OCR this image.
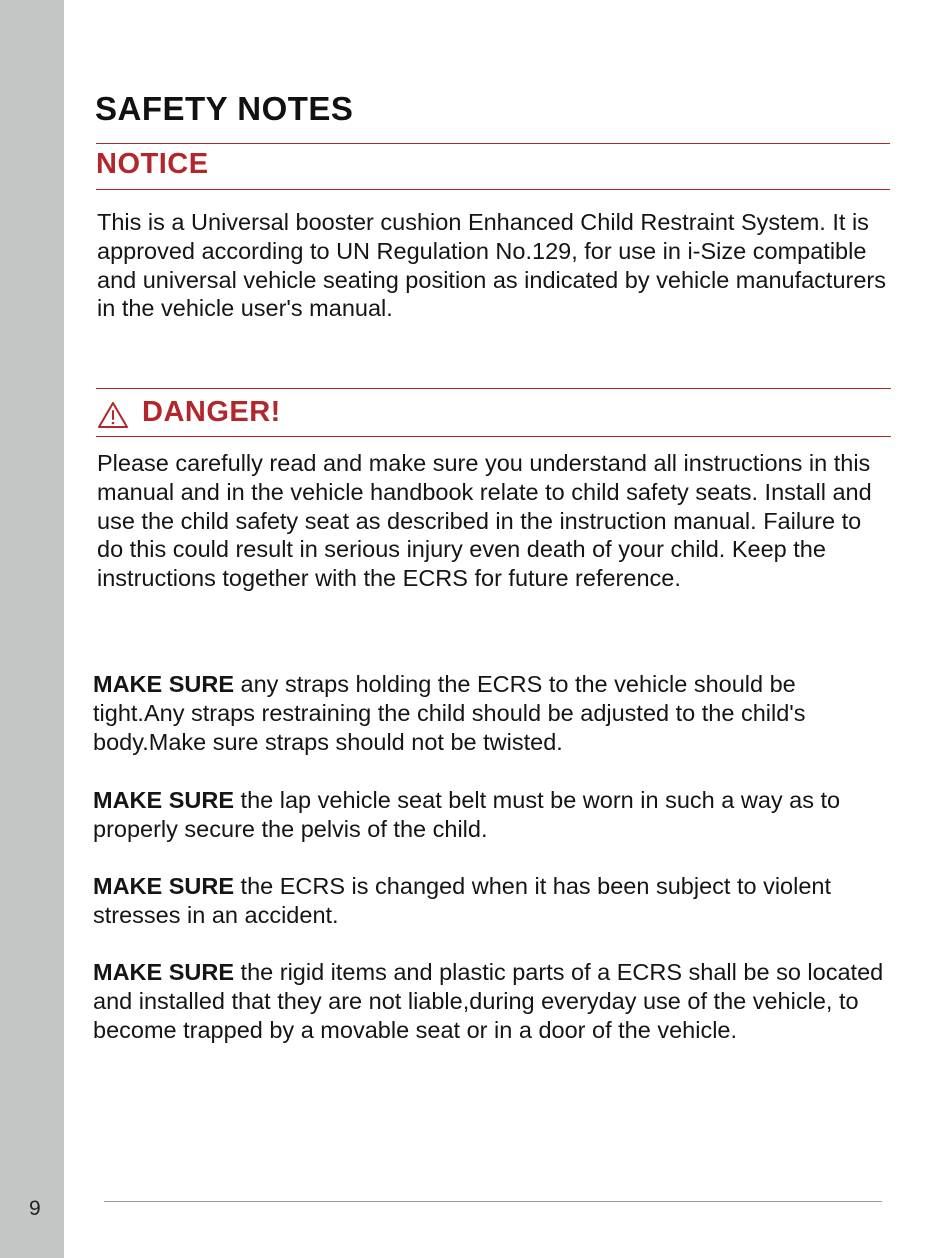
9
SAFETY NOTES
NOTICE

This is a Universal booster cushion Enhanced Child Restraint System. It is approved according to UN Regulation No.129, for use in i-Size compatible and universal vehicle seating position as indicated by vehicle manufacturers in the vehicle user's manual.

DANGER!

Please carefully read and make sure you understand all instructions in this manual and in the vehicle handbook relate to child safety seats. Install and use the child safety seat as described in the instruction manual. Failure to do this could result in serious injury even death of your child. Keep the instructions together with the ECRS for future reference.

MAKE SURE any straps holding the ECRS to the vehicle should be tight.Any straps restraining the child should be adjusted to the child's body.Make sure straps should not be twisted.

MAKE SURE the lap vehicle seat belt must be worn in such a way as to properly secure the pelvis of the child.

MAKE SURE the ECRS is changed when it has been subject to violent stresses in an accident.

MAKE SURE the rigid items and plastic parts of a ECRS shall be so located and installed that they are not liable,during everyday use of the vehicle, to become trapped by a movable seat or in a door of the vehicle.
